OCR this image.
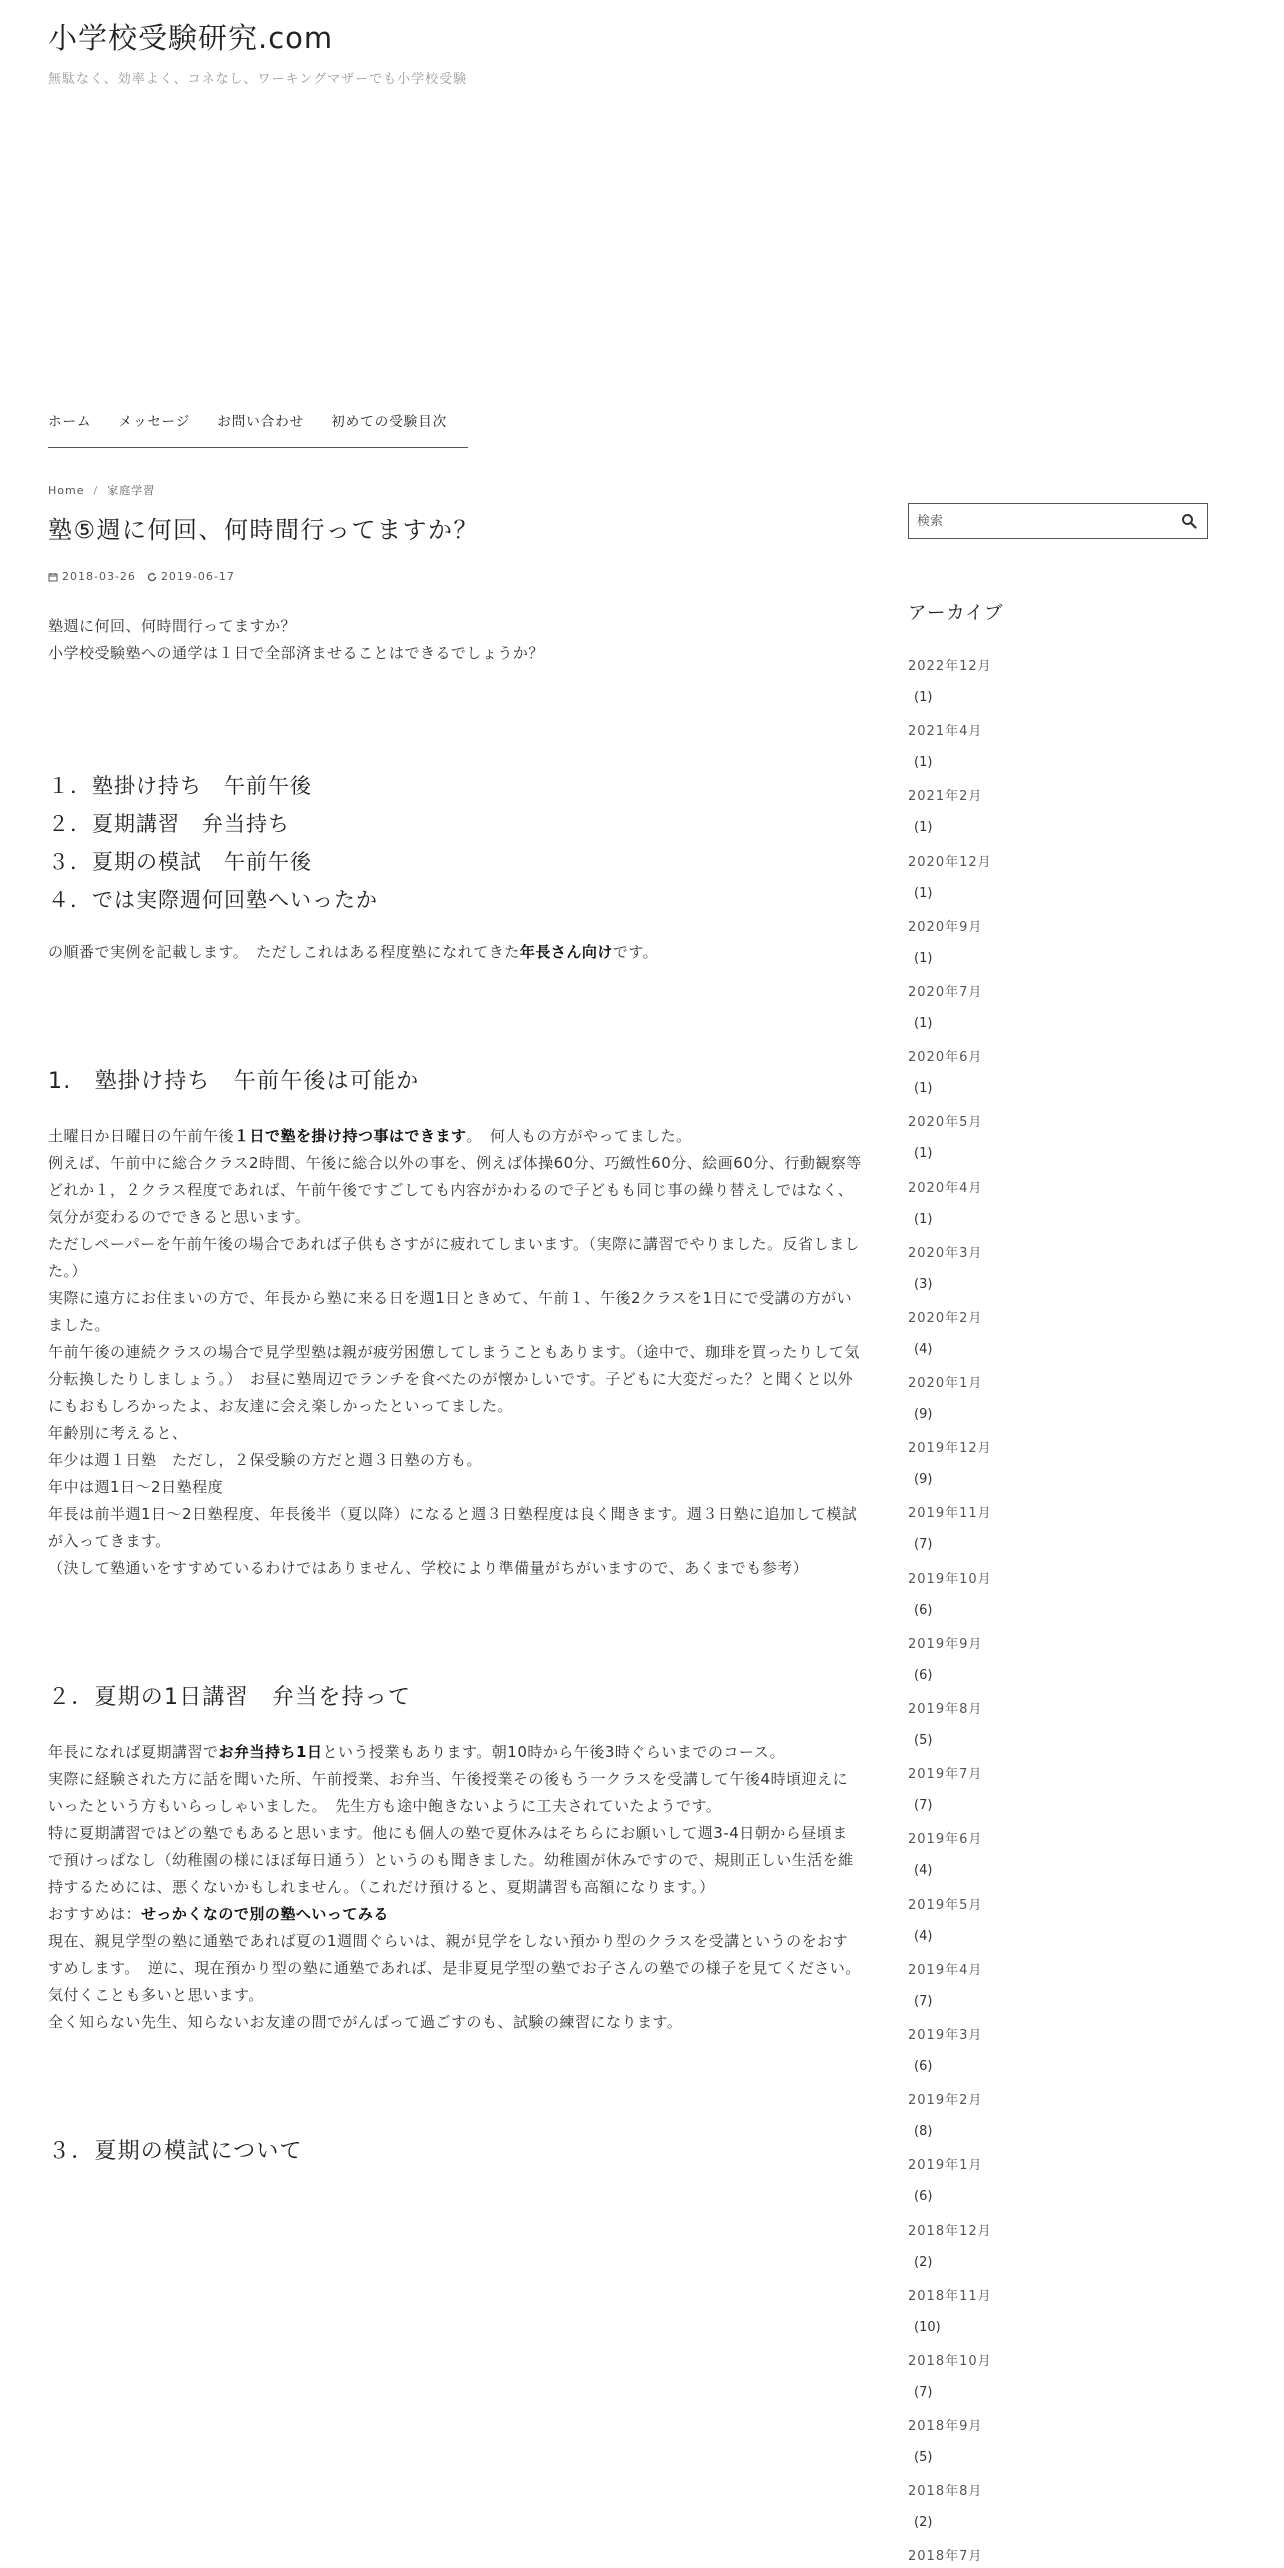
小学校受験研究.com
無駄なく、効率よく、コネなし、ワーキングマザーでも小学校受験
ホーム メッセージ お問い合わせ 初めての受験目次
Home / 家庭学習
塾⑤週に何回、何時間行ってますか？
2018-03-26 2019-06-17

塾週に何回、何時間行ってますか？

小学校受験塾への通学は１日で全部済ませることはできるでしょうか？

１．塾掛け持ち　午前午後
２．夏期講習　弁当持ち
３．夏期の模試　午前午後
４．では実際週何回塾へいったか

の順番で実例を記載します。　ただしこれはある程度塾になれてきた年長さん向けです。

1.　塾掛け持ち　午前午後は可能か

土曜日か日曜日の午前午後１日で塾を掛け持つ事はできます。　何人もの方がやってました。

例えば、午前中に総合クラス2時間、午後に総合以外の事を、例えば体操60分、巧緻性60分、絵画60分、行動観察等どれか１，２クラス程度であれば、午前午後ですごしても内容がかわるので子どもも同じ事の繰り替えしではなく、気分が変わるのでできると思います。

ただしペーパーを午前午後の場合であれば子供もさすがに疲れてしまいます。（実際に講習でやりました。反省しました。）

実際に遠方にお住まいの方で、年長から塾に来る日を週1日ときめて、午前１、午後2クラスを1日にで受講の方がいました。

午前午後の連続クラスの場合で見学型塾は親が疲労困憊してしまうこともあります。（途中で、珈琲を買ったりして気分転換したりしましょう。）　お昼に塾周辺でランチを食べたのが懐かしいです。子どもに大変だった？と聞くと以外にもおもしろかったよ、お友達に会え楽しかったといってました。

年齢別に考えると、

年少は週１日塾　ただし，２保受験の方だと週３日塾の方も。

年中は週1日〜2日塾程度

年長は前半週1日〜2日塾程度、年長後半（夏以降）になると週３日塾程度は良く聞きます。週３日塾に追加して模試が入ってきます。

（決して塾通いをすすめているわけではありません、学校により準備量がちがいますので、あくまでも参考）

２．夏期の1日講習　弁当を持って

年長になれば夏期講習でお弁当持ち1日という授業もあります。朝10時から午後3時ぐらいまでのコース。

実際に経験された方に話を聞いた所、午前授業、お弁当、午後授業その後もう一クラスを受講して午後4時頃迎えにいったという方もいらっしゃいました。　先生方も途中飽きないように工夫されていたようです。

特に夏期講習ではどの塾でもあると思います。他にも個人の塾で夏休みはそちらにお願いして週3-4日朝から昼頃まで預けっぱなし（幼稚園の様にほぼ毎日通う）というのも聞きました。幼稚園が休みですので、規則正しい生活を維持するためには、悪くないかもしれません。（これだけ預けると、夏期講習も高額になります。）

おすすめは：せっかくなので別の塾へいってみる

現在、親見学型の塾に通塾であれば夏の1週間ぐらいは、親が見学をしない預かり型のクラスを受講というのをおすすめします。　逆に、現在預かり型の塾に通塾であれば、是非夏見学型の塾でお子さんの塾での様子を見てください。気付くことも多いと思います。

全く知らない先生、知らないお友達の間でがんばって過ごすのも、試験の練習になります。

３．夏期の模試について
検索
アーカイブ
2022年12月
(1)
2021年4月
(1)
2021年2月
(1)
2020年12月
(1)
2020年9月
(1)
2020年7月
(1)
2020年6月
(1)
2020年5月
(1)
2020年4月
(1)
2020年3月
(3)
2020年2月
(4)
2020年1月
(9)
2019年12月
(9)
2019年11月
(7)
2019年10月
(6)
2019年9月
(6)
2019年8月
(5)
2019年7月
(7)
2019年6月
(4)
2019年5月
(4)
2019年4月
(7)
2019年3月
(6)
2019年2月
(8)
2019年1月
(6)
2018年12月
(2)
2018年11月
(10)
2018年10月
(7)
2018年9月
(5)
2018年8月
(2)
2018年7月
